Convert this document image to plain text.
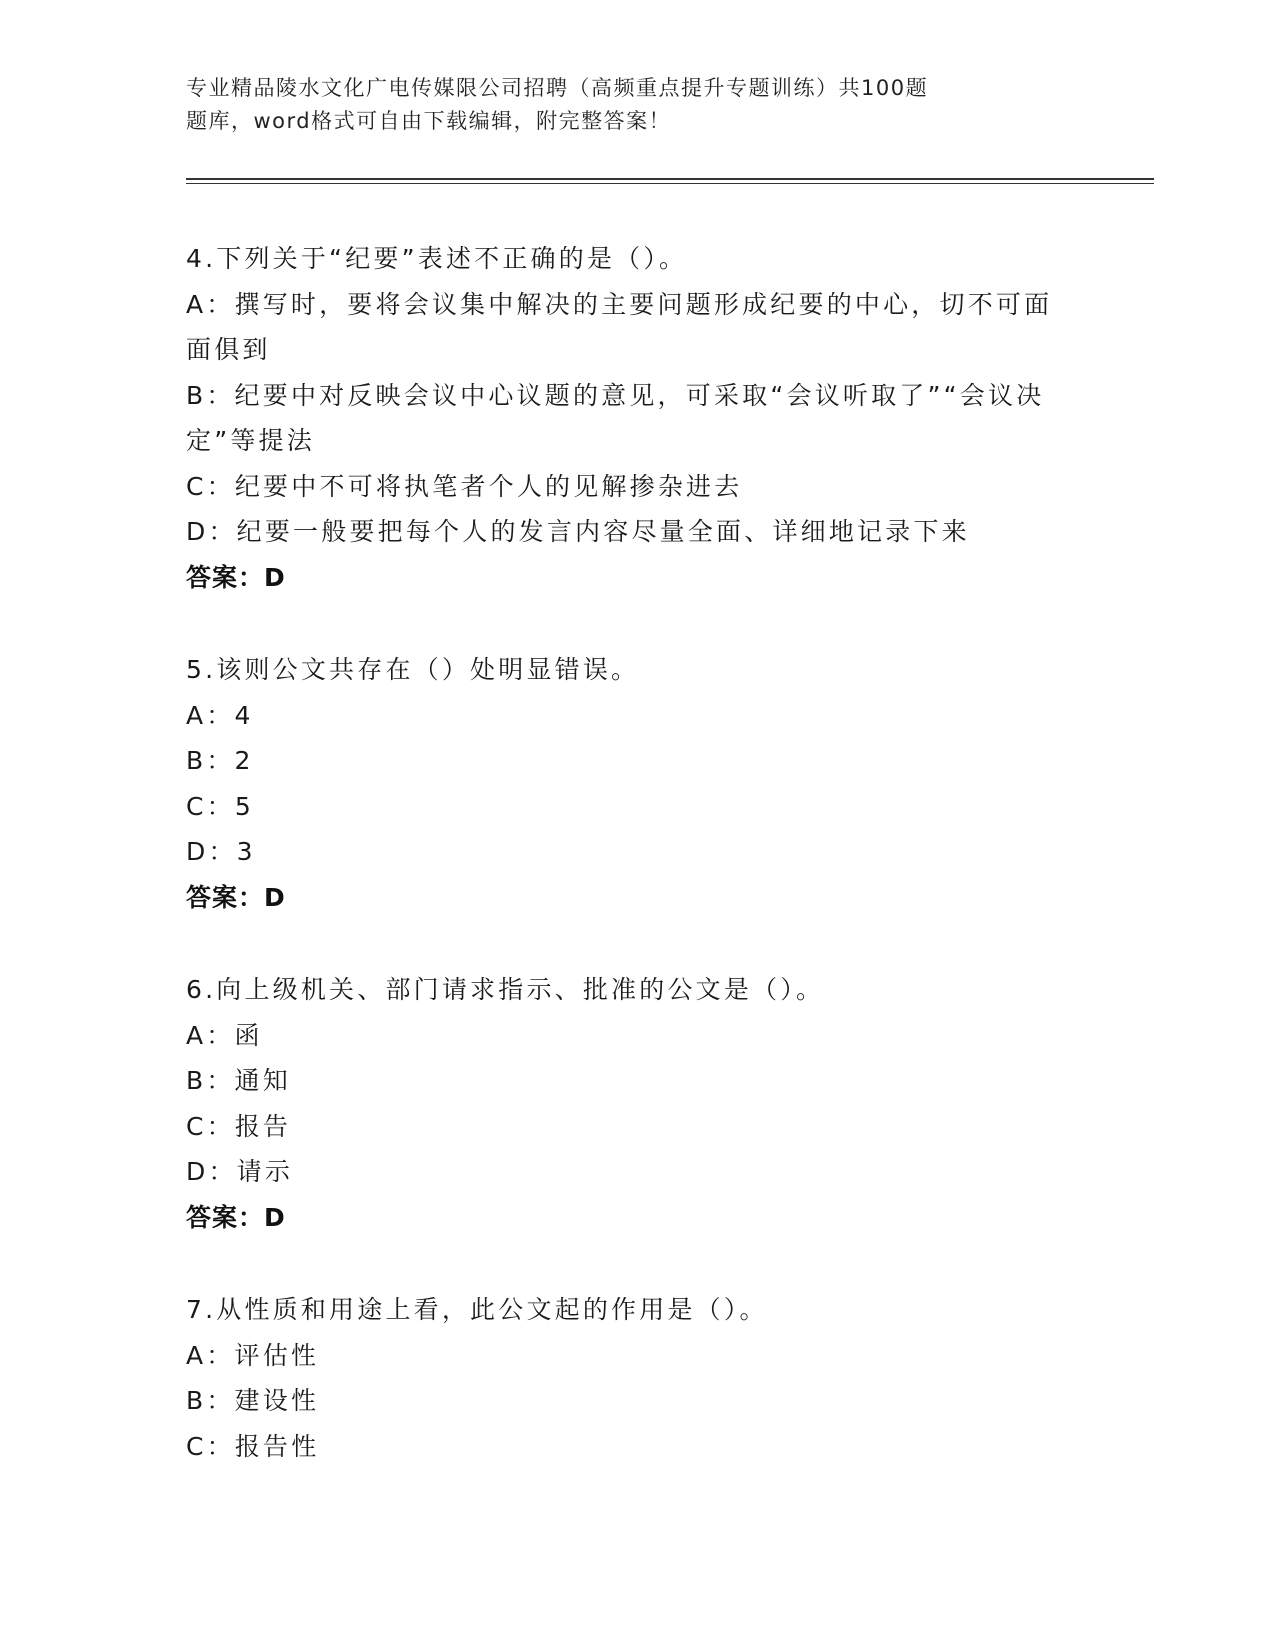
专业精品陵水文化广电传媒限公司招聘（高频重点提升专题训练）共100题
题库，word格式可自由下载编辑，附完整答案！
4.下列关于“纪要”表述不正确的是（）。
A：撰写时，要将会议集中解决的主要问题形成纪要的中心，切不可面面俱到
B：纪要中对反映会议中心议题的意见，可采取“会议听取了”“会议决定”等提法
C：纪要中不可将执笔者个人的见解掺杂进去
D：纪要一般要把每个人的发言内容尽量全面、详细地记录下来
答案：D
5.该则公文共存在（）处明显错误。
A：4
B：2
C：5
D：3
答案：D
6.向上级机关、部门请求指示、批准的公文是（）。
A：函
B：通知
C：报告
D：请示
答案：D
7.从性质和用途上看，此公文起的作用是（）。
A：评估性
B：建设性
C：报告性
